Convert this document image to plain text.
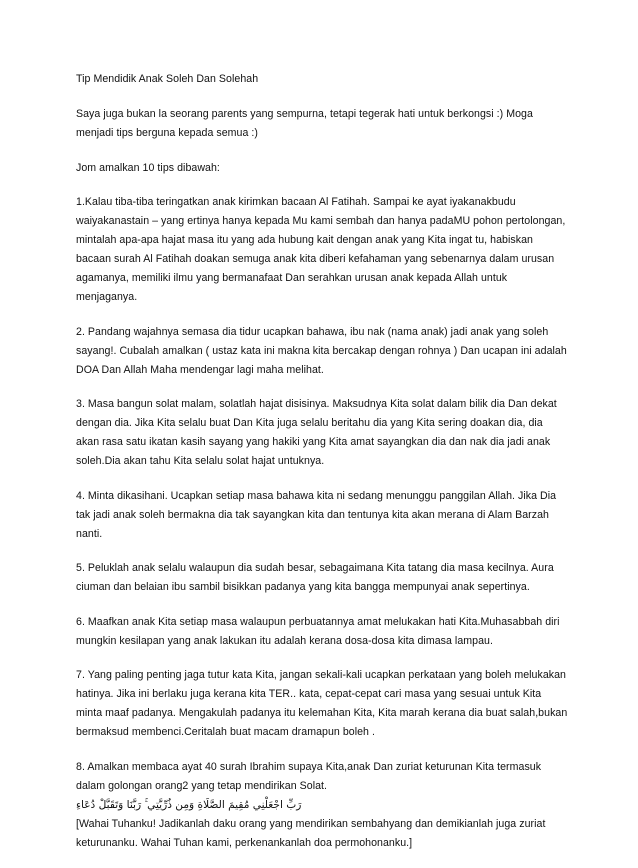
Tip Mendidik Anak Soleh Dan Solehah

Saya juga bukan la seorang parents yang sempurna, tetapi tegerak hati untuk berkongsi :) Moga menjadi tips berguna kepada semua :)

Jom amalkan 10 tips dibawah:

1.Kalau tiba-tiba teringatkan anak kirimkan bacaan Al Fatihah. Sampai ke ayat iyakanakbudu waiyakanastain – yang ertinya hanya kepada Mu kami sembah dan hanya padaMU pohon pertolongan, mintalah apa-apa hajat masa itu yang ada hubung kait dengan anak yang Kita ingat tu, habiskan bacaan surah Al Fatihah doakan semuga anak kita diberi kefahaman yang sebenarnya dalam urusan agamanya, memiliki ilmu yang bermanafaat Dan serahkan urusan anak kepada Allah untuk menjaganya.

2. Pandang wajahnya semasa dia tidur ucapkan bahawa, ibu nak (nama anak) jadi anak yang soleh sayang!. Cubalah amalkan ( ustaz kata ini makna kita bercakap dengan rohnya ) Dan ucapan ini adalah DOA Dan Allah Maha mendengar lagi maha melihat.

3. Masa bangun solat malam, solatlah hajat disisinya. Maksudnya Kita solat dalam bilik dia Dan dekat dengan dia. Jika Kita selalu buat Dan Kita juga selalu beritahu dia yang Kita sering doakan dia, dia akan rasa satu ikatan kasih sayang yang hakiki yang Kita amat sayangkan dia dan nak dia jadi anak soleh.Dia akan tahu Kita selalu solat hajat untuknya.

4. Minta dikasihani. Ucapkan setiap masa bahawa kita ni sedang menunggu panggilan Allah. Jika Dia tak jadi anak soleh bermakna dia tak sayangkan kita dan tentunya kita akan merana di Alam Barzah nanti.

5. Peluklah anak selalu walaupun dia sudah besar, sebagaimana Kita tatang dia masa kecilnya. Aura ciuman dan belaian ibu sambil bisikkan padanya yang kita bangga mempunyai anak sepertinya.

6. Maafkan anak Kita setiap masa walaupun perbuatannya amat melukakan hati Kita.Muhasabbah diri mungkin kesilapan yang anak lakukan itu adalah kerana dosa-dosa kita dimasa lampau.

7. Yang paling penting jaga tutur kata Kita, jangan sekali-kali ucapkan perkataan yang boleh melukakan hatinya. Jika ini berlaku juga kerana kita TER.. kata, cepat-cepat cari masa yang sesuai untuk Kita minta maaf padanya. Mengakulah padanya itu kelemahan Kita, Kita marah kerana dia buat salah,bukan bermaksud membenci.Ceritalah buat macam dramapun boleh .

8. Amalkan membaca ayat 40 surah Ibrahim supaya Kita,anak Dan zuriat keturunan Kita termasuk dalam golongan orang2 yang tetap mendirikan Solat.

رَبِّ اجْعَلْنِي مُقِيمَ الصَّلَاةِ وَمِن ذُرِّيَّتِي ۚ رَبَّنَا وَتَقَبَّلْ دُعَاءِ

[Wahai Tuhanku! Jadikanlah daku orang yang mendirikan sembahyang dan demikianlah juga zuriat keturunanku. Wahai Tuhan kami, perkenankanlah doa permohonanku.]
